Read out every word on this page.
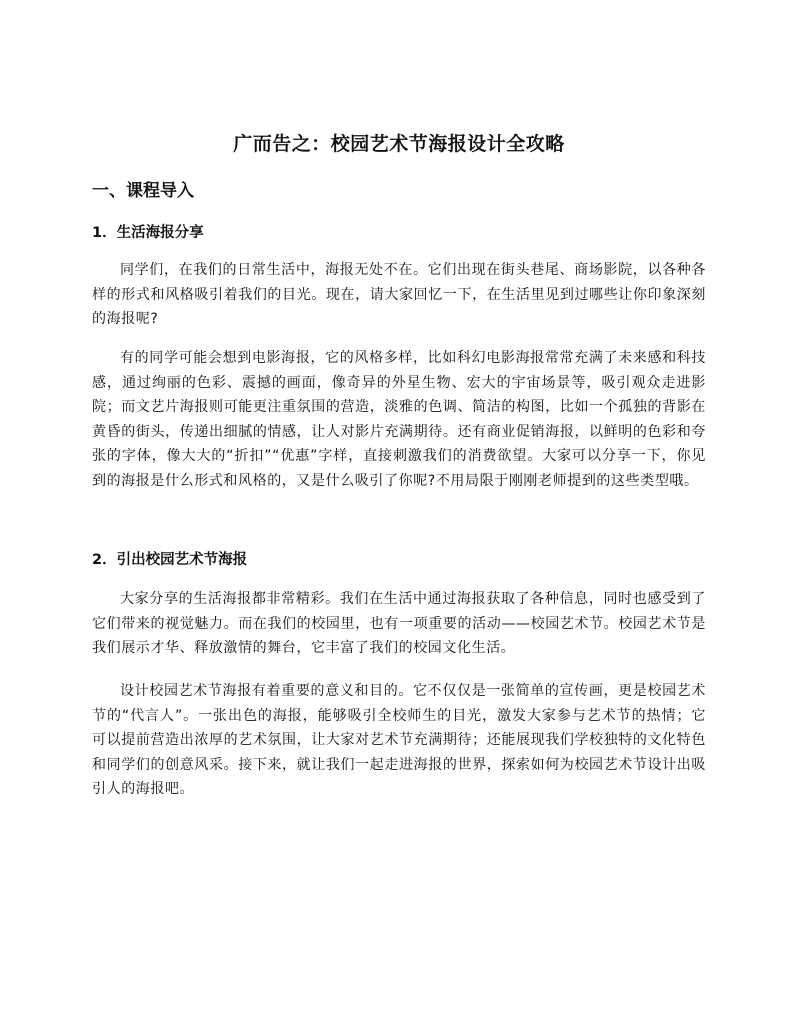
广而告之：校园艺术节海报设计全攻略
一、课程导入
1．生活海报分享

同学们，在我们的日常生活中，海报无处不在。它们出现在街头巷尾、商场影院，以各种各样的形式和风格吸引着我们的目光。现在，请大家回忆一下，在生活里见到过哪些让你印象深刻的海报呢?

有的同学可能会想到电影海报，它的风格多样，比如科幻电影海报常常充满了未来感和科技感，通过绚丽的色彩、震撼的画面，像奇异的外星生物、宏大的宇宙场景等，吸引观众走进影院；而文艺片海报则可能更注重氛围的营造，淡雅的色调、简洁的构图，比如一个孤独的背影在黄昏的街头，传递出细腻的情感，让人对影片充满期待。还有商业促销海报，以鲜明的色彩和夸张的字体，像大大的“折扣”“优惠”字样，直接刺激我们的消费欲望。大家可以分享一下，你见到的海报是什么形式和风格的，又是什么吸引了你呢?不用局限于刚刚老师提到的这些类型哦。

2．引出校园艺术节海报

大家分享的生活海报都非常精彩。我们在生活中通过海报获取了各种信息，同时也感受到了它们带来的视觉魅力。而在我们的校园里，也有一项重要的活动——校园艺术节。校园艺术节是我们展示才华、释放激情的舞台，它丰富了我们的校园文化生活。

设计校园艺术节海报有着重要的意义和目的。它不仅仅是一张简单的宣传画，更是校园艺术节的“代言人”。一张出色的海报，能够吸引全校师生的目光，激发大家参与艺术节的热情；它可以提前营造出浓厚的艺术氛围，让大家对艺术节充满期待；还能展现我们学校独特的文化特色和同学们的创意风采。接下来，就让我们一起走进海报的世界，探索如何为校园艺术节设计出吸引人的海报吧。
